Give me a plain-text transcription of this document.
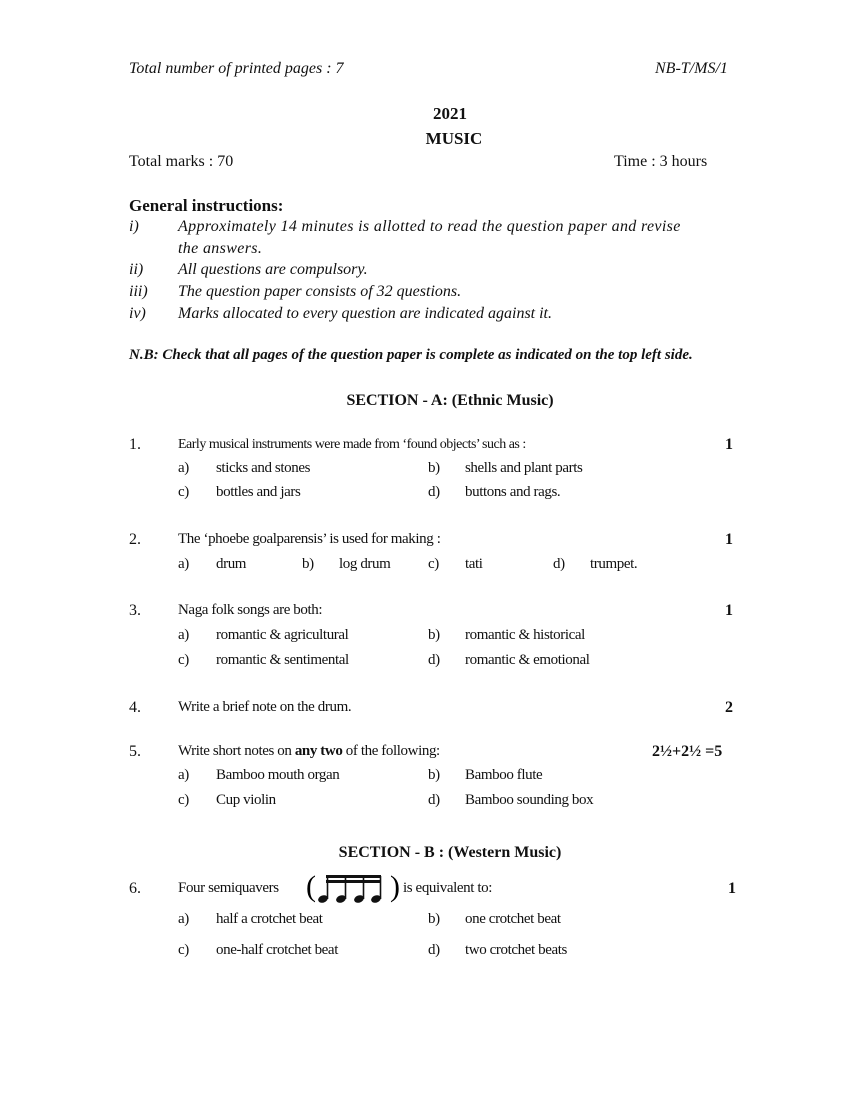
Total number of printed pages : 7	NB-T/MS/1
2021
MUSIC
Total marks : 70	Time : 3 hours
General instructions:
i) Approximately 14 minutes is allotted to read the question paper and revise
the answers.
ii) All questions are compulsory.
iii) The question paper consists of 32 questions.
iv) Marks allocated to every question are indicated against it.
N.B: Check that all pages of the question paper is complete as indicated on the top left side.
SECTION - A: (Ethnic Music)
1.	Early musical instruments were made from ‘found objects’ such as :	1
a) sticks and stones	b) shells and plant parts
c) bottles and jars	d) buttons and rags.
2. The ‘phoebe goalparensis’ is used for making :	1
a) drum	b) log drum	c) tati	d) trumpet.
3. Naga folk songs are both:	1
a) romantic & agricultural	b) romantic & historical
c) romantic & sentimental	d) romantic & emotional
4. Write a brief note on the drum.	2
5. Write short notes on any two of the following:	2½+2½ =5
a) Bamboo mouth organ	b) Bamboo flute
c) Cup violin	d) Bamboo sounding box
SECTION - B : (Western Music)
6. Four semiquavers ( ) is equivalent to:	1
a) half a crotchet beat	b) one crotchet beat
c) one-half crotchet beat	d) two crotchet beats
